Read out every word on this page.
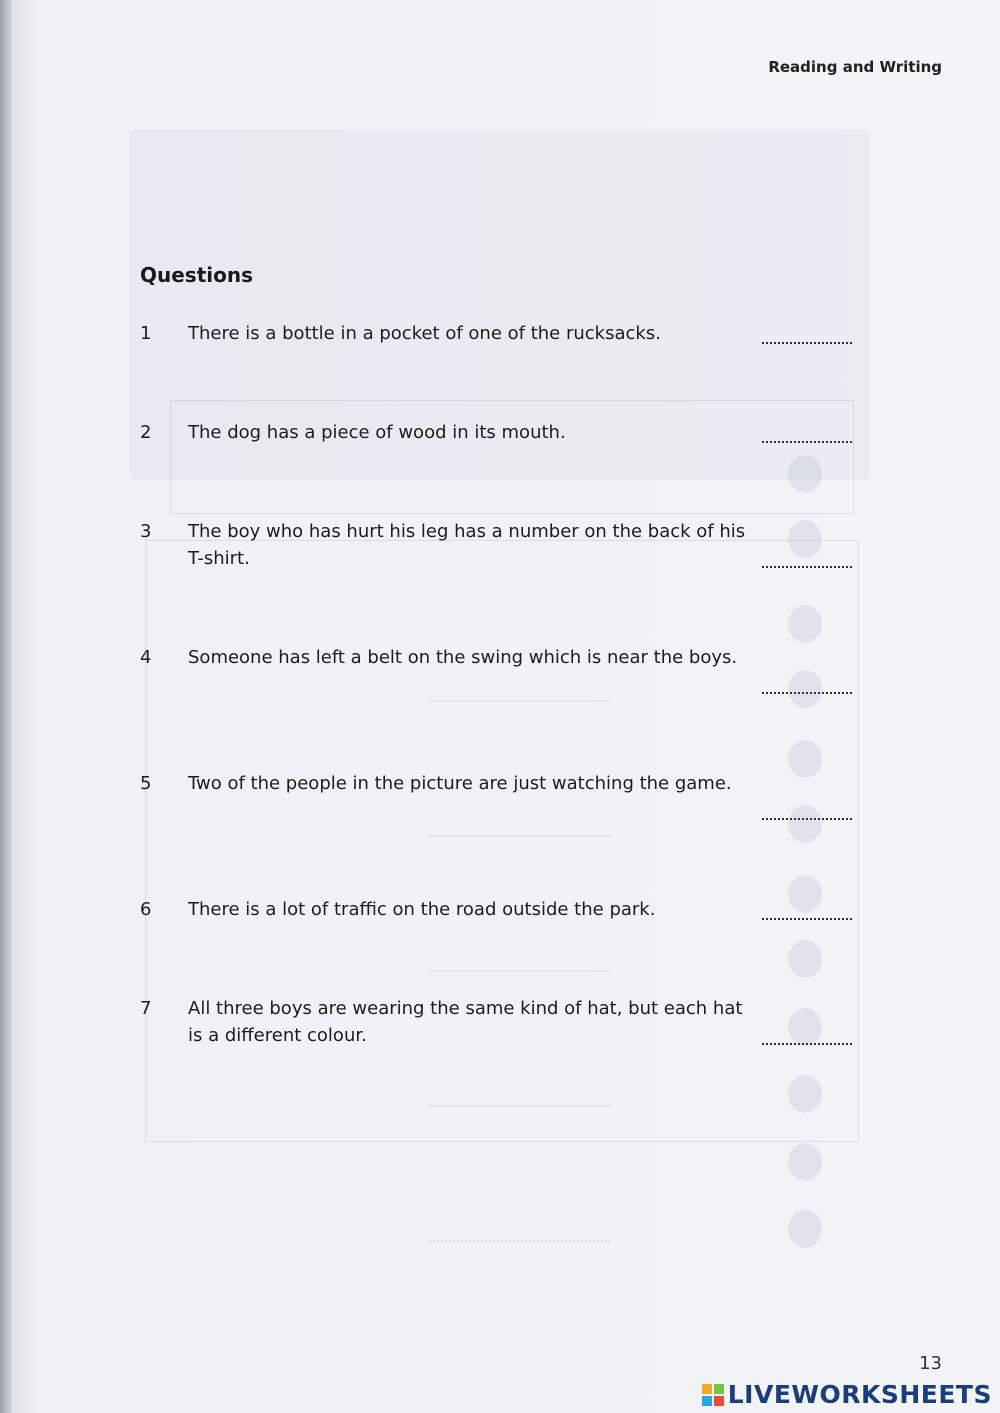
Reading and Writing
Questions
1	There is a bottle in a pocket of one of the rucksacks.
2	The dog has a piece of wood in its mouth.
3	The boy who has hurt his leg has a number on the back of his T-shirt.
4	Someone has left a belt on the swing which is near the boys.
5	Two of the people in the picture are just watching the game.
6	There is a lot of traffic on the road outside the park.
7	All three boys are wearing the same kind of hat, but each hat is a different colour.
13
LIVEWORKSHEETS
